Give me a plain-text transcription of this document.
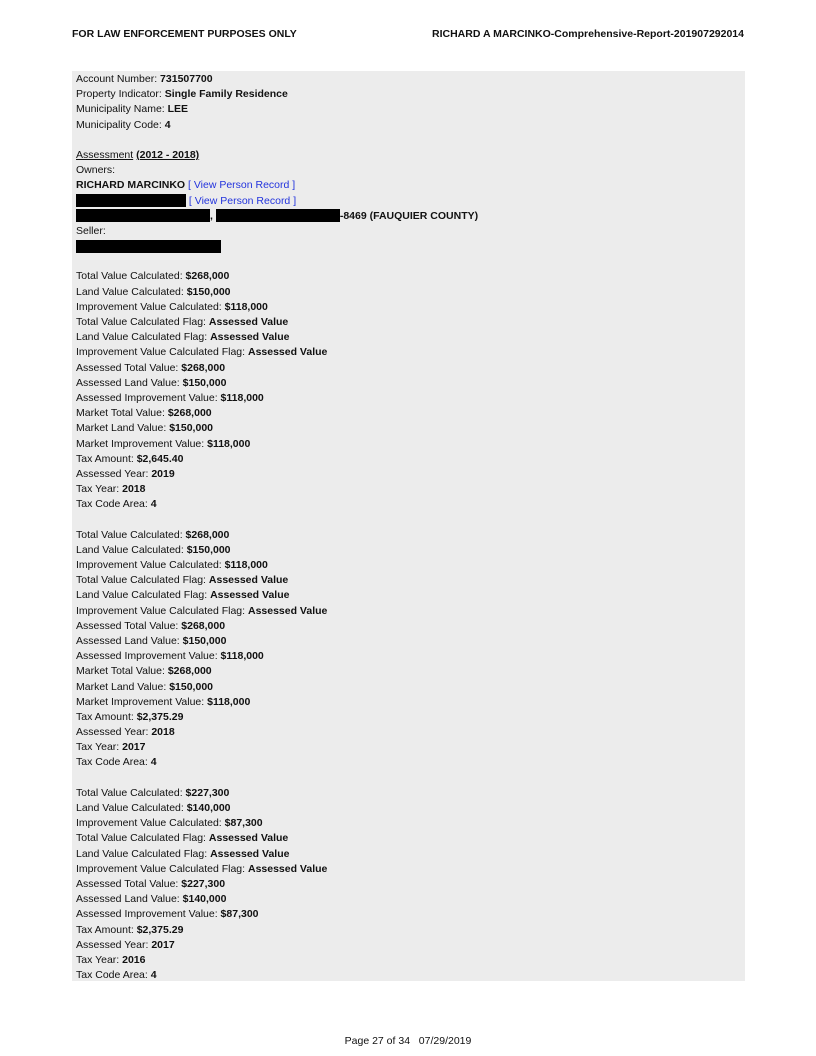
FOR LAW ENFORCEMENT PURPOSES ONLY	RICHARD A MARCINKO-Comprehensive-Report-201907292014
Account Number: 731507700
Property Indicator: Single Family Residence
Municipality Name: LEE
Municipality Code: 4
Assessment (2012 - 2018)
Owners:
RICHARD MARCINKO [ View Person Record ]
[ View Person Record ]
,	-8469 (FAUQUIER COUNTY)
Seller:
Total Value Calculated: $268,000
Land Value Calculated: $150,000
Improvement Value Calculated: $118,000
Total Value Calculated Flag: Assessed Value
Land Value Calculated Flag: Assessed Value
Improvement Value Calculated Flag: Assessed Value
Assessed Total Value: $268,000
Assessed Land Value: $150,000
Assessed Improvement Value: $118,000
Market Total Value: $268,000
Market Land Value: $150,000
Market Improvement Value: $118,000
Tax Amount: $2,645.40
Assessed Year: 2019
Tax Year: 2018
Tax Code Area: 4
Total Value Calculated: $268,000
Land Value Calculated: $150,000
Improvement Value Calculated: $118,000
Total Value Calculated Flag: Assessed Value
Land Value Calculated Flag: Assessed Value
Improvement Value Calculated Flag: Assessed Value
Assessed Total Value: $268,000
Assessed Land Value: $150,000
Assessed Improvement Value: $118,000
Market Total Value: $268,000
Market Land Value: $150,000
Market Improvement Value: $118,000
Tax Amount: $2,375.29
Assessed Year: 2018
Tax Year: 2017
Tax Code Area: 4
Total Value Calculated: $227,300
Land Value Calculated: $140,000
Improvement Value Calculated: $87,300
Total Value Calculated Flag: Assessed Value
Land Value Calculated Flag: Assessed Value
Improvement Value Calculated Flag: Assessed Value
Assessed Total Value: $227,300
Assessed Land Value: $140,000
Assessed Improvement Value: $87,300
Tax Amount: $2,375.29
Assessed Year: 2017
Tax Year: 2016
Tax Code Area: 4
Page 27 of 34 07/29/2019
